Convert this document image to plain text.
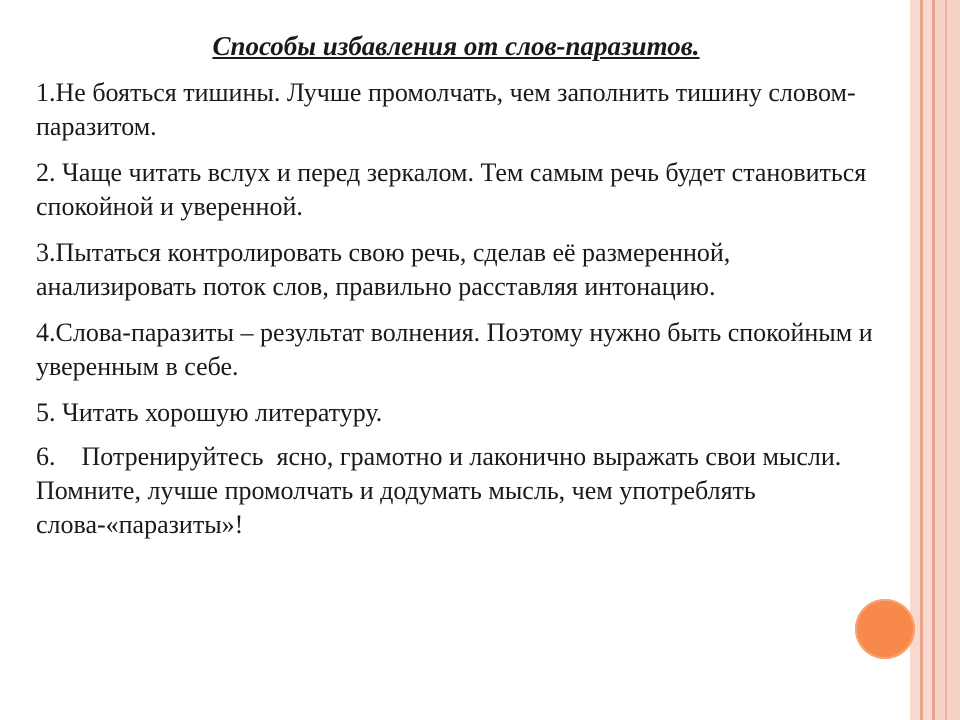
Способы избавления от слов-паразитов.
1.Не бояться тишины. Лучше промолчать, чем заполнить тишину словом-паразитом.
2. Чаще читать вслух и перед зеркалом. Тем самым речь будет становиться спокойной и уверенной.
3.Пытаться контролировать свою речь, сделав её размеренной, анализировать поток слов, правильно расставляя интонацию.
4.Слова-паразиты – результат волнения. Поэтому нужно быть спокойным и уверенным в себе.
5. Читать хорошую литературу.
6.    Потренируйтесь  ясно, грамотно и лаконично выражать свои мысли. Помните, лучше промолчать и додумать мысль, чем употреблять слова-«паразиты»!
